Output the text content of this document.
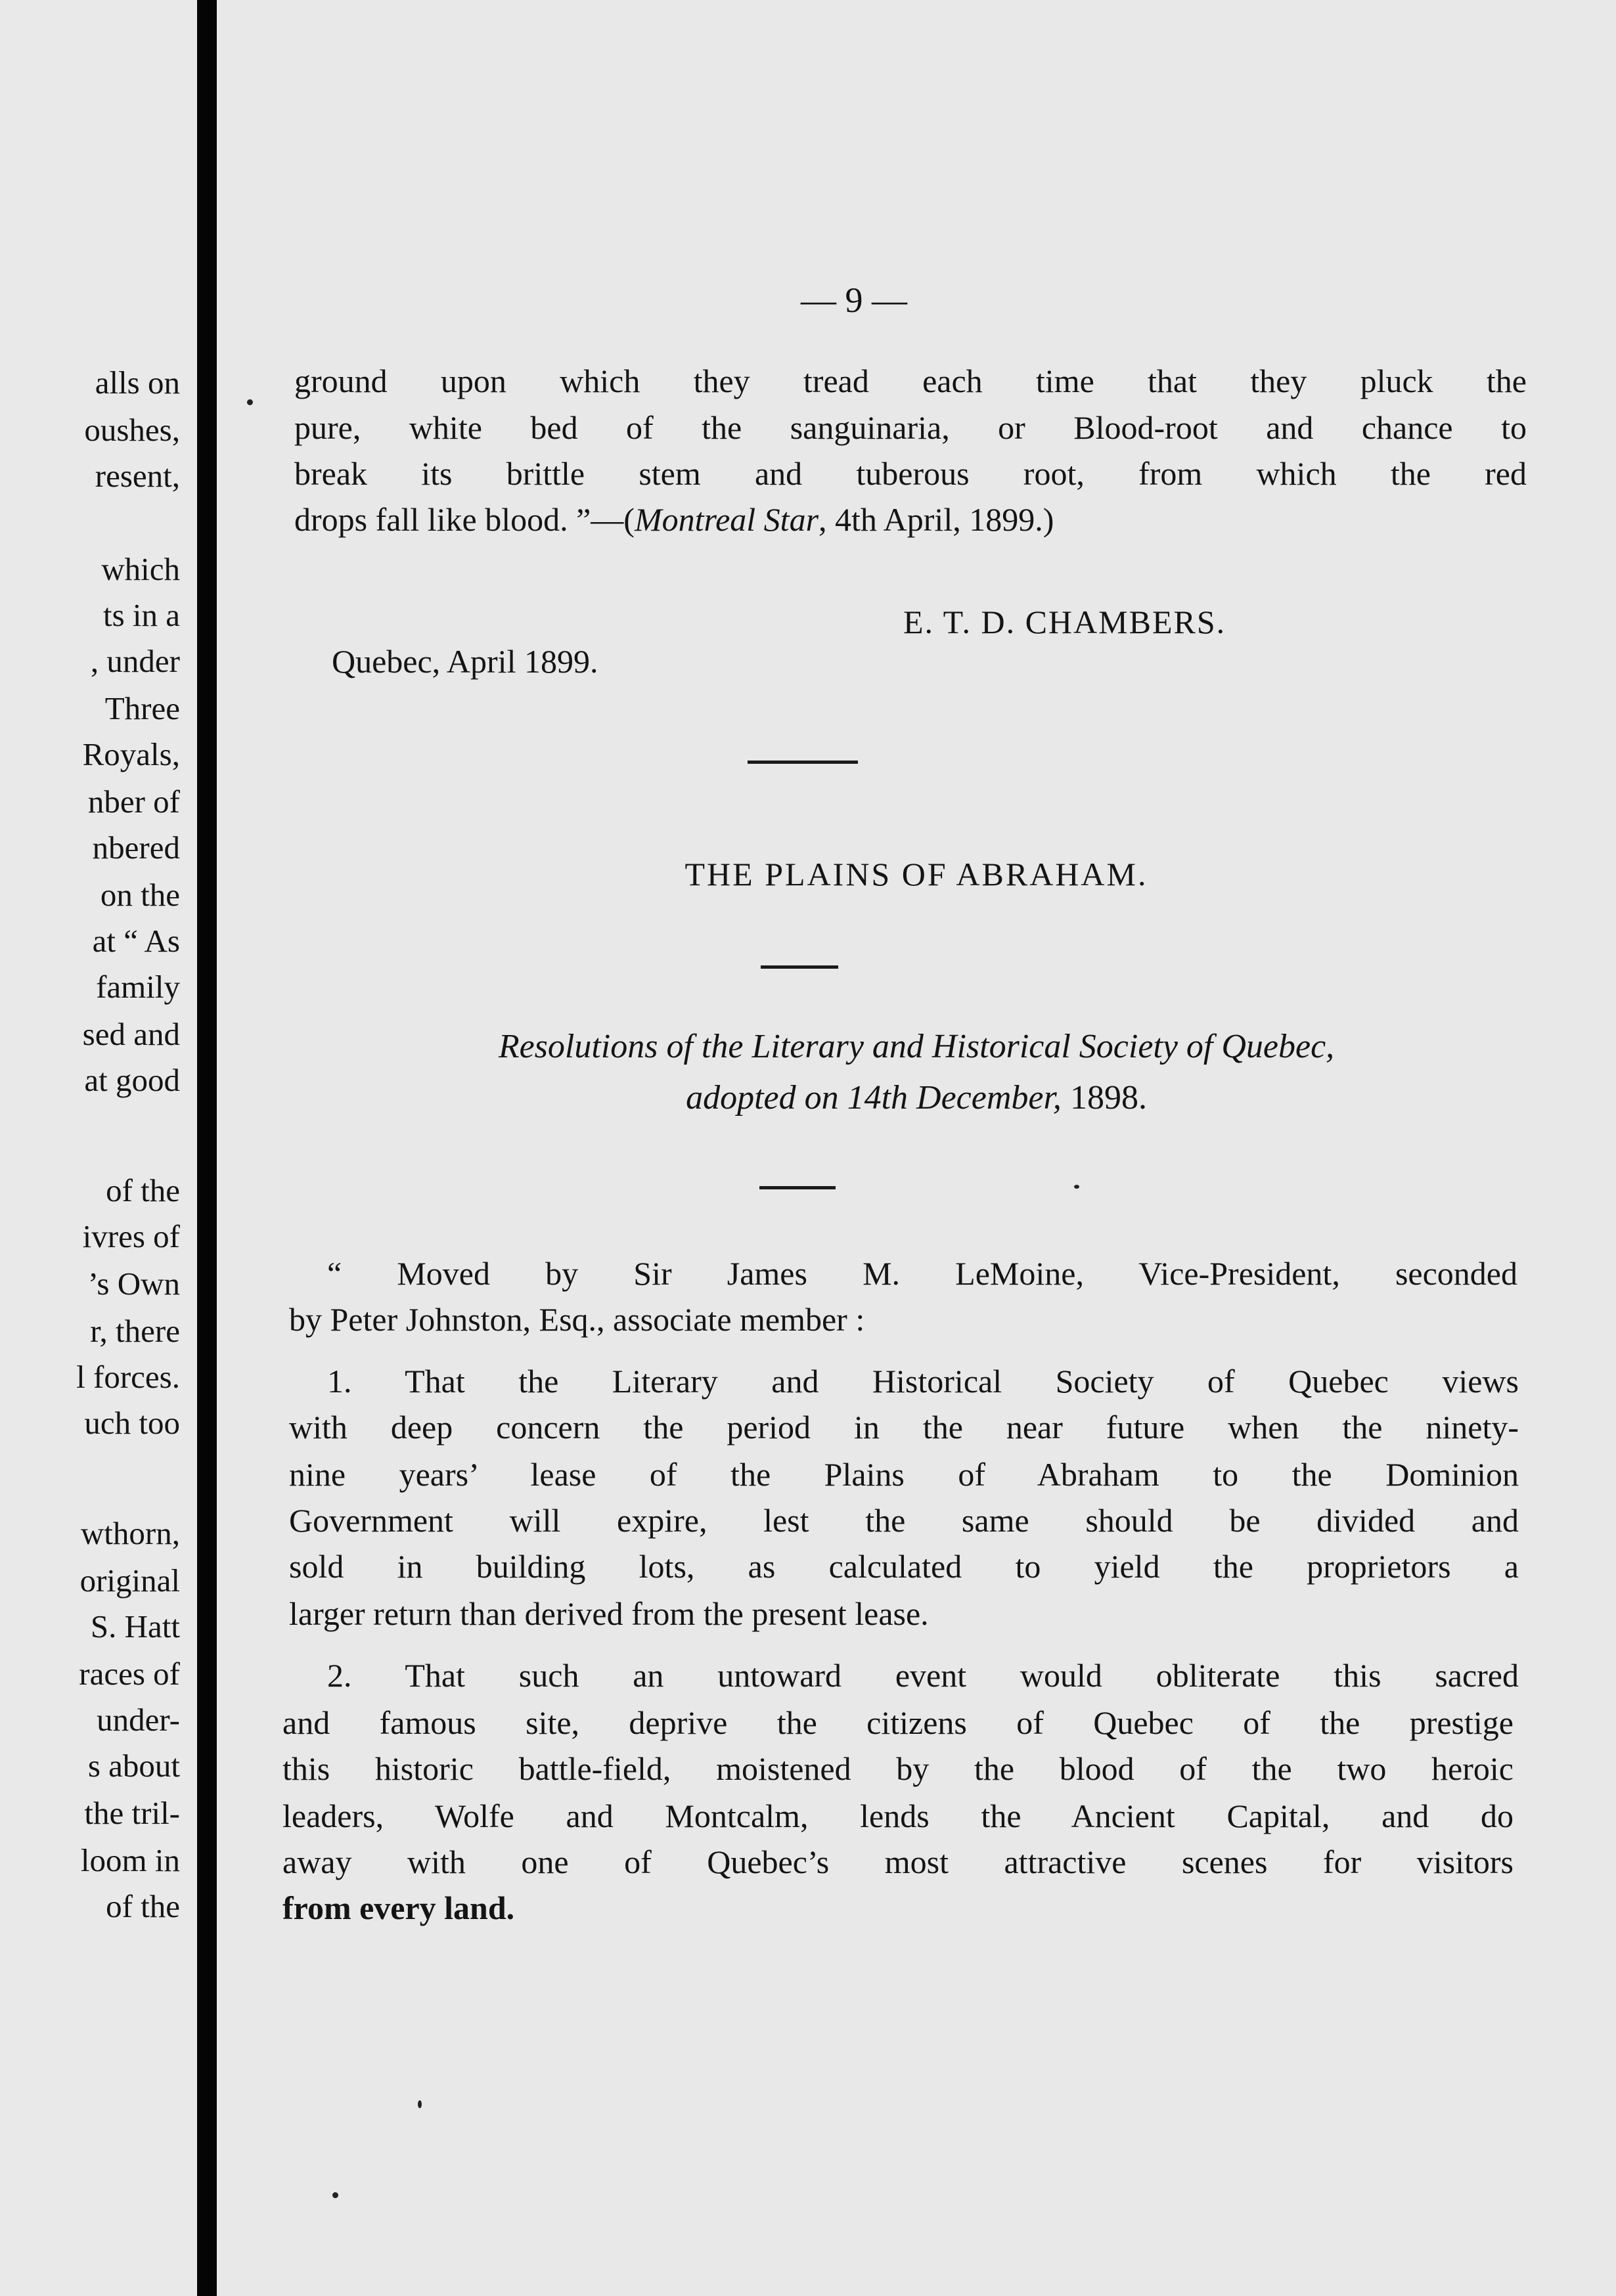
alls on
oushes,
resent,
which
ts in a
, under
Three
Royals,
nber of
nbered
on the
at “ As
family
sed and
at good
of the
ivres of
’s Own
r, there
l forces.
uch too
wthorn,
original
S. Hatt
races of
under-
s about
the tril-
loom in
of the
— 9 —
ground upon which they tread each time that they pluck the
pure, white bed of the sanguinaria, or Blood-root and chance to
break its brittle stem and tuberous root, from which the red
drops fall like blood. ”—(Montreal Star, 4th April, 1899.)
E. T. D. CHAMBERS.
Quebec, April 1899.
THE PLAINS OF ABRAHAM.
Resolutions of the Literary and Historical Society of Quebec,
adopted on 14th December, 1898.
“ Moved by Sir James M. LeMoine, Vice-President, seconded
by Peter Johnston, Esq., associate member :
1. That the Literary and Historical Society of Quebec views
with deep concern the period in the near future when the ninety-
nine years’ lease of the Plains of Abraham to the Dominion
Government will expire, lest the same should be divided and
sold in building lots, as calculated to yield the proprietors a
larger return than derived from the present lease.
2. That such an untoward event would obliterate this sacred
and famous site, deprive the citizens of Quebec of the prestige
this historic battle-field, moistened by the blood of the two heroic
leaders, Wolfe and Montcalm, lends the Ancient Capital, and do
away with one of Quebec’s most attractive scenes for visitors
from every land.
